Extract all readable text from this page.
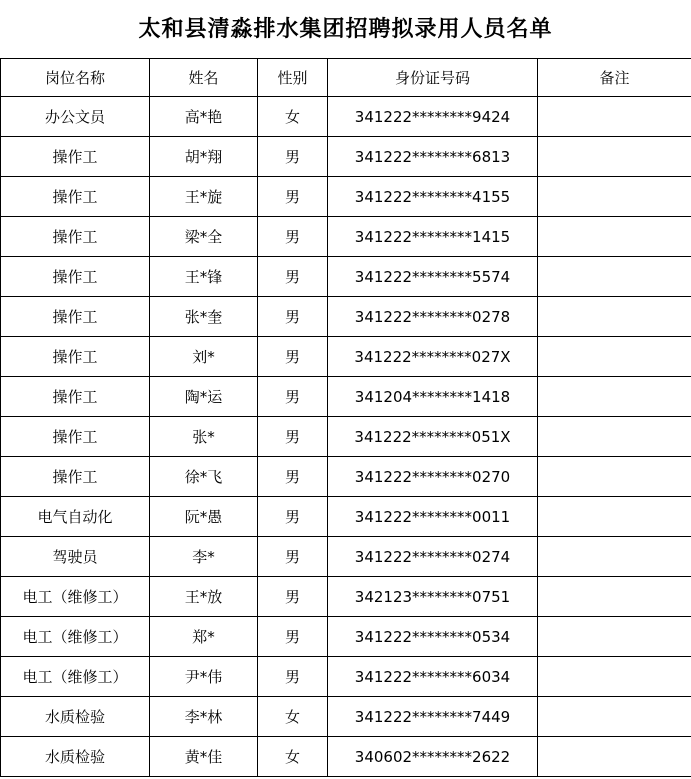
太和县清淼排水集团招聘拟录用人员名单
岗位名称	姓名	性别	身份证号码	备注
办公文员	高*艳	女	341222********9424	
操作工	胡*翔	男	341222********6813	
操作工	王*旋	男	341222********4155	
操作工	梁*全	男	341222********1415	
操作工	王*锋	男	341222********5574	
操作工	张*奎	男	341222********0278	
操作工	刘*	男	341222********027X	
操作工	陶*运	男	341204********1418	
操作工	张*	男	341222********051X	
操作工	徐*飞	男	341222********0270	
电气自动化	阮*愚	男	341222********0011	
驾驶员	李*	男	341222********0274	
电工（维修工）	王*放	男	342123********0751	
电工（维修工）	郑*	男	341222********0534	
电工（维修工）	尹*伟	男	341222********6034	
水质检验	李*林	女	341222********7449	
水质检验	黄*佳	女	340602********2622	
